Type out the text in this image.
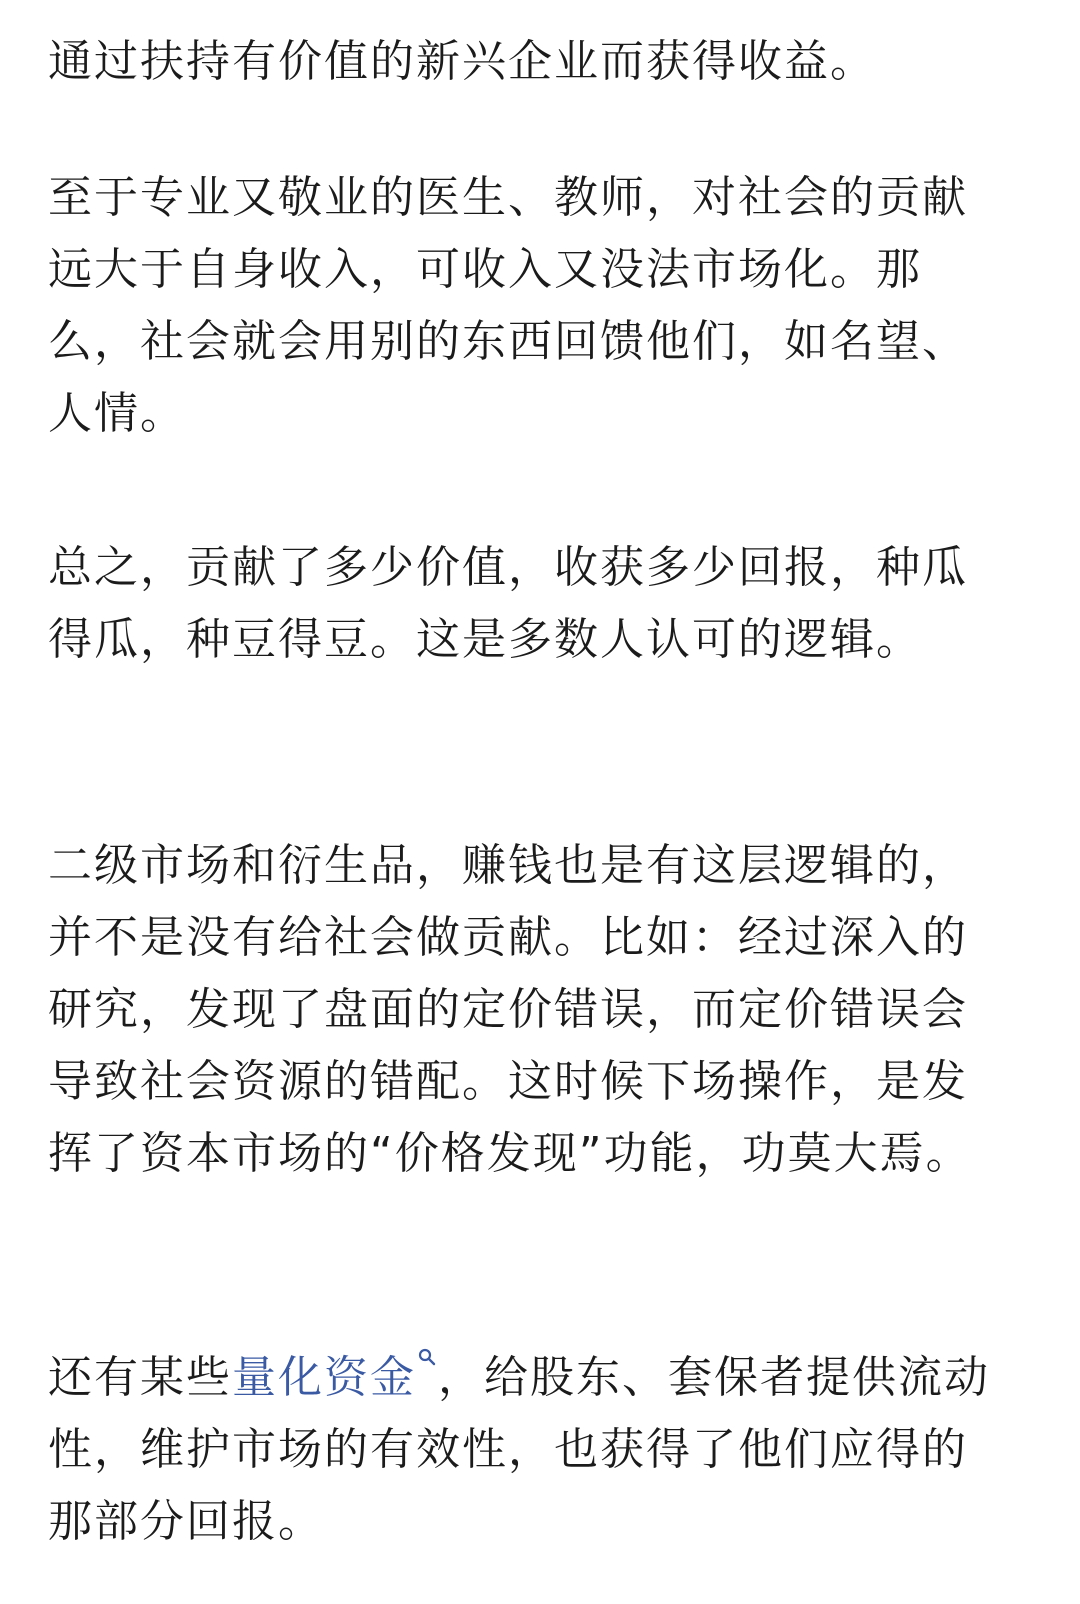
通过扶持有价值的新兴企业而获得收益。

至于专业又敬业的医生、教师，对社会的贡献远大于自身收入，可收入又没法市场化。那么，社会就会用别的东西回馈他们，如名望、人情。

总之，贡献了多少价值，收获多少回报，种瓜得瓜，种豆得豆。这是多数人认可的逻辑。

二级市场和衍生品，赚钱也是有这层逻辑的，并不是没有给社会做贡献。比如：经过深入的研究，发现了盘面的定价错误，而定价错误会导致社会资源的错配。这时候下场操作，是发挥了资本市场的“价格发现”功能，功莫大焉。

还有某些量化资金 ，给股东、套保者提供流动性，维护市场的有效性，也获得了他们应得的那部分回报。
